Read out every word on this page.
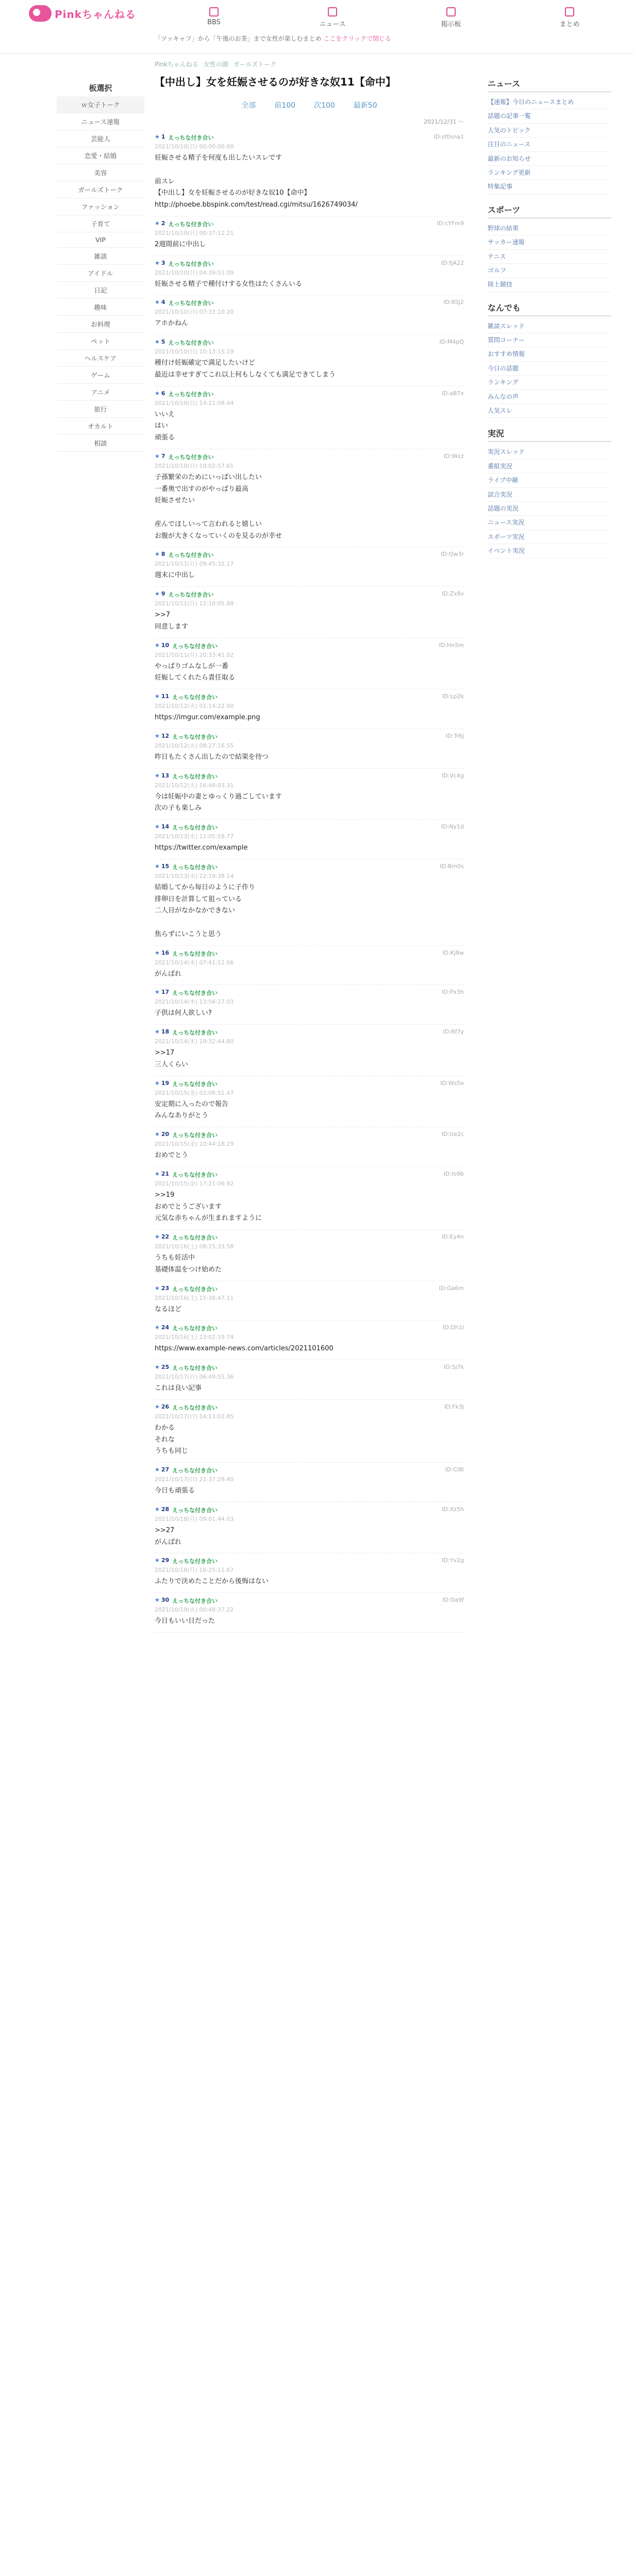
Pinkちゃんねる
BBS	ニュース	掲示板	まとめ
「ツッキャフ」から「午後のお茶」まで女性が楽しむまとめ ここをクリックで閉じる
板選択
ｗ女子トーク
ニュース速報
芸能人
恋愛・結婚
美容
ガールズトーク
ファッション
子育て
VIP
雑談
アイドル
日記
趣味
お料理
ペット
ヘルスケア
ゲーム
アニメ
旅行
オカルト
相談
Pinkちゃんねる 女性の園 ガールズトーク
【中出し】女を妊娠させるのが好きな奴11【命中】
全部	前100	次100	最新50
2021/12/31 ～
★ 1 えっちな付き合い	ID:sf0sna1
2021/10/10(日) 00:00:00.00
妊娠させる精子を何度も出したいスレです

前スレ
【中出し】女を妊娠させるのが好きな奴10【命中】
http://phoebe.bbspink.com/test/read.cgi/mitsu/1626749034/
★ 2 えっちな付き合い	ID:cYFm9
2021/10/10(日) 00:37:12.21
2週間前に中出し
★ 3 えっちな付き合い	ID:fjA22
2021/10/10(日) 04:39:51.09
妊娠させる精子で種付けする女性はたくさんいる
★ 4 えっちな付き合い	ID:8SJ2
2021/10/10(日) 07:33:10.20
アホかねん
★ 5 えっちな付き合い	ID:M4pQ
2021/10/10(日) 10:13:15.19
種付け妊娠確定で満足したいけど
最近は幸せすぎてこれ以上何もしなくても満足できてしまう
★ 6 えっちな付き合い	ID:aB7x
2021/10/10(日) 14:21:08.44
いいえ
はい
頑張る
★ 7 えっちな付き合い	ID:9kLt
2021/10/10(日) 18:02:57.61
子孫繁栄のためにいっぱい出したい
一番奥で出すのがやっぱり最高
妊娠させたい

産んでほしいって言われると嬉しい
お腹が大きくなっていくのを見るのが幸せ
★ 8 えっちな付き合い	ID:Qw3r
2021/10/11(月) 09:45:32.17
週末に中出し
★ 9 えっちな付き合い	ID:Zx8v
2021/10/11(月) 12:10:05.88
>>7
同意します
★ 10 えっちな付き合い	ID:Hn5m
2021/10/11(月) 20:33:41.02
やっぱりゴムなしが一番
妊娠してくれたら責任取る
★ 11 えっちな付き合い	ID:Lp2k
2021/10/12(火) 01:14:22.90
https://imgur.com/example.png
★ 12 えっちな付き合い	ID:Tr6j
2021/10/12(火) 08:27:16.55
昨日もたくさん出したので結果を待つ
★ 13 えっちな付き合い	ID:Vc4g
2021/10/12(火) 16:48:03.31
今は妊娠中の妻とゆっくり過ごしています
次の子も楽しみ
★ 14 えっちな付き合い	ID:Ny1d
2021/10/13(水) 11:05:59.77
https://twitter.com/example
★ 15 えっちな付き合い	ID:Bm0s
2021/10/13(水) 22:19:38.14
結婚してから毎日のように子作り
排卵日を計算して狙っている
二人目がなかなかできない

焦らずにいこうと思う
★ 16 えっちな付き合い	ID:Kj8w
2021/10/14(木) 07:41:12.66
がんばれ
★ 17 えっちな付き合い	ID:Px3h
2021/10/14(木) 13:56:27.03
子供は何人欲しい?
★ 18 えっちな付き合い	ID:Rf7y
2021/10/14(木) 19:32:44.80
>>17
三人くらい
★ 19 えっちな付き合い	ID:Ws5e
2021/10/15(金) 02:08:51.47
安定期に入ったので報告
みんなありがとう
★ 20 えっちな付き合い	ID:Ue2c
2021/10/15(金) 10:44:18.29
おめでとう
★ 21 えっちな付き合い	ID:Io9b
2021/10/15(金) 17:21:06.92
>>19
おめでとうございます
元気な赤ちゃんが生まれますように
★ 22 えっちな付き合い	ID:Ey4n
2021/10/16(土) 08:15:33.58
うちも妊活中
基礎体温をつけ始めた
★ 23 えっちな付き合い	ID:Ga6m
2021/10/16(土) 15:38:47.11
なるほど
★ 24 えっちな付き合い	ID:Dh1l
2021/10/16(土) 23:02:19.74
https://www.example-news.com/articles/2021101600
★ 25 えっちな付き合い	ID:Sj7k
2021/10/17(日) 06:49:55.36
これは良い記事
★ 26 えっちな付き合い	ID:Fk3j
2021/10/17(日) 14:13:02.85
わかる
それな
うちも同じ
★ 27 えっちな付き合い	ID:Cl8i
2021/10/17(日) 21:37:28.40
今日も頑張る
★ 28 えっちな付き合い	ID:Xz5h
2021/10/18(月) 09:01:44.03
>>27
がんばれ
★ 29 えっちな付き合い	ID:Yv2g
2021/10/18(月) 16:25:11.67
ふたりで決めたことだから後悔はない
★ 30 えっちな付き合い	ID:Oa9f
2021/10/19(火) 00:48:37.22
今日もいい日だった
ニュース
【速報】今日のニュースまとめ
話題の記事一覧
人気のトピック
注目のニュース
最新のお知らせ
ランキング更新
特集記事
スポーツ
野球の結果
サッカー速報
テニス
ゴルフ
陸上競技
なんでも
雑談スレッド
質問コーナー
おすすめ情報
今日の話題
ランキング
みんなの声
人気スレ
実況
実況スレッド
番組実況
ライブ中継
試合実況
話題の実況
ニュース実況
スポーツ実況
イベント実況
